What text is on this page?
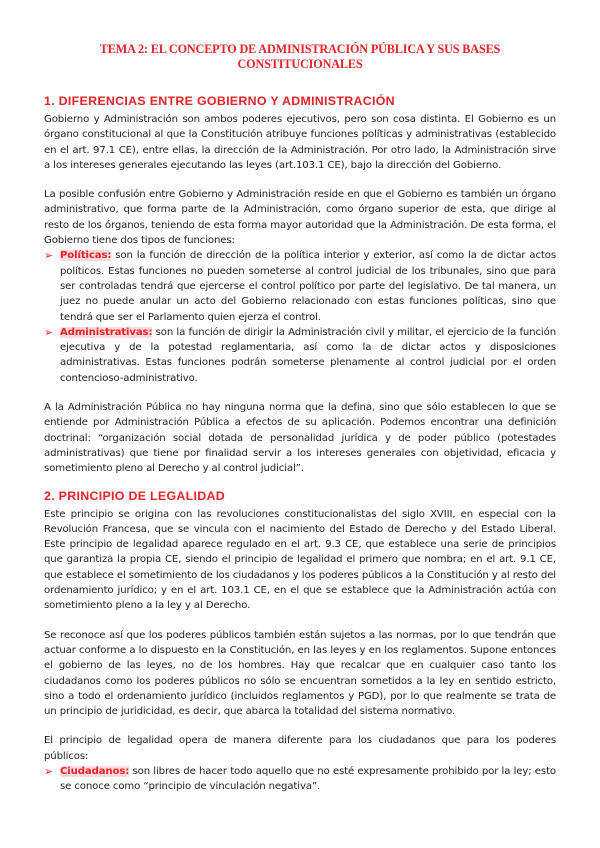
TEMA 2: EL CONCEPTO DE ADMINISTRACIÓN PÚBLICA Y SUS BASES CONSTITUCIONALES
1. DIFERENCIAS ENTRE GOBIERNO Y ADMINISTRACIÓN

Gobierno y Administración son ambos poderes ejecutivos, pero son cosa distinta. El Gobierno es un órgano constitucional al que la Constitución atribuye funciones políticas y administrativas (establecido en el art. 97.1 CE), entre ellas, la dirección de la Administración. Por otro lado, la Administración sirve a los intereses generales ejecutando las leyes (art.103.1 CE), bajo la dirección del Gobierno.

La posible confusión entre Gobierno y Administración reside en que el Gobierno es también un órgano administrativo, que forma parte de la Administración, como órgano superior de esta, que dirige al resto de los órganos, teniendo de esta forma mayor autoridad que la Administración. De esta forma, el Gobierno tiene dos tipos de funciones:

➢ Políticas: son la función de dirección de la política interior y exterior, así como la de dictar actos políticos. Estas funciones no pueden someterse al control judicial de los tribunales, sino que para ser controladas tendrá que ejercerse el control político por parte del legislativo. De tal manera, un juez no puede anular un acto del Gobierno relacionado con estas funciones políticas, sino que tendrá que ser el Parlamento quien ejerza el control.

➢ Administrativas: son la función de dirigir la Administración civil y militar, el ejercicio de la función ejecutiva y de la potestad reglamentaria, así como la de dictar actos y disposiciones administrativas. Estas funciones podrán someterse plenamente al control judicial por el orden contencioso-administrativo.

A la Administración Pública no hay ninguna norma que la defina, sino que sólo establecen lo que se entiende por Administración Pública a efectos de su aplicación. Podemos encontrar una definición doctrinal: “organización social dotada de personalidad jurídica y de poder público (potestades administrativas) que tiene por finalidad servir a los intereses generales con objetividad, eficacia y sometimiento pleno al Derecho y al control judicial”.

2. PRINCIPIO DE LEGALIDAD

Este principio se origina con las revoluciones constitucionalistas del siglo XVIII, en especial con la Revolución Francesa, que se vincula con el nacimiento del Estado de Derecho y del Estado Liberal. Este principio de legalidad aparece regulado en el art. 9.3 CE, que establece una serie de principios que garantiza la propia CE, siendo el principio de legalidad el primero que nombra; en el art. 9.1 CE, que establece el sometimiento de los ciudadanos y los poderes públicos a la Constitución y al resto del ordenamiento jurídico; y en el art. 103.1 CE, en el que se establece que la Administración actúa con sometimiento pleno a la ley y al Derecho.

Se reconoce así que los poderes públicos también están sujetos a las normas, por lo que tendrán que actuar conforme a lo dispuesto en la Constitución, en las leyes y en los reglamentos. Supone entonces el gobierno de las leyes, no de los hombres. Hay que recalcar que en cualquier caso tanto los ciudadanos como los poderes públicos no sólo se encuentran sometidos a la ley en sentido estricto, sino a todo el ordenamiento jurídico (incluidos reglamentos y PGD), por lo que realmente se trata de un principio de juridicidad, es decir, que abarca la totalidad del sistema normativo.

El principio de legalidad opera de manera diferente para los ciudadanos que para los poderes públicos:

➢ Ciudadanos: son libres de hacer todo aquello que no esté expresamente prohibido por la ley; esto se conoce como “principio de vinculación negativa”.
